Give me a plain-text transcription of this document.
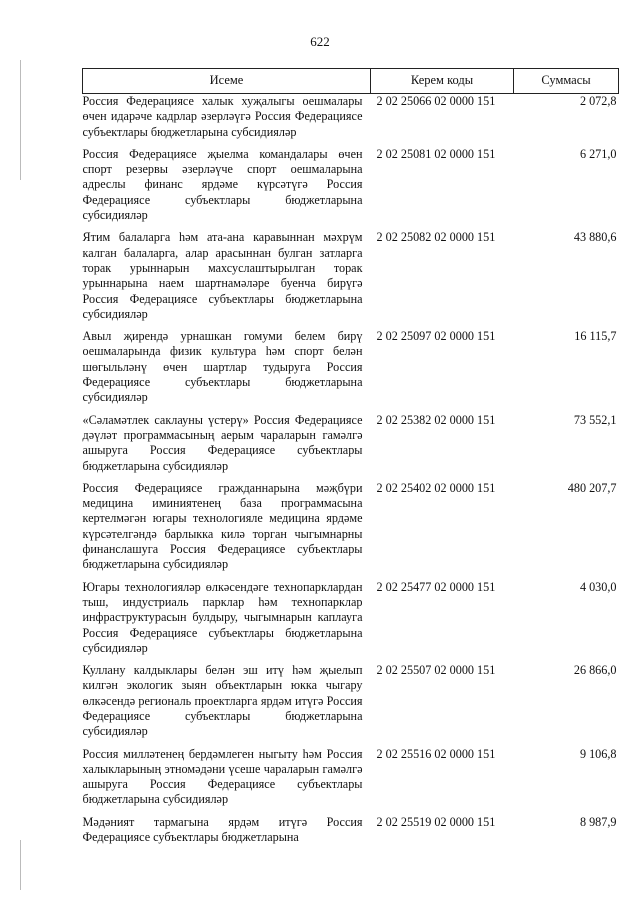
622
Исеме	Керем коды	Суммасы
Россия Федерациясе халык хуҗалыгы оешмалары өчен идарәче кадрлар әзерләүгә Россия Федерациясе субъектлары бюджетларына субсидияләр	2 02 25066 02 0000 151	2 072,8
Россия Федерациясе җыелма командалары өчен спорт резервы әзерләүче спорт оешмаларына адреслы финанс ярдәме күрсәтүгә Россия Федерациясе субъектлары бюджетларына субсидияләр	2 02 25081 02 0000 151	6 271,0
Ятим балаларга һәм ата-ана каравыннан мәхрүм калган балаларга, алар арасыннан булган затларга торак урыннарын махсуслаштырылган торак урыннарына наем шартнамәләре буенча бирүгә Россия Федерациясе субъектлары бюджетларына субсидияләр	2 02 25082 02 0000 151	43 880,6
Авыл җирендә урнашкан гомуми белем бирү оешмаларында физик культура һәм спорт белән шөгыльләнү өчен шартлар тудыруга Россия Федерациясе субъектлары бюджетларына субсидияләр	2 02 25097 02 0000 151	16 115,7
«Сәламәтлек саклауны үстерү» Россия Федерациясе дәүләт программасының аерым чараларын гамәлгә ашыруга Россия Федерациясе субъектлары бюджетларына субсидияләр	2 02 25382 02 0000 151	73 552,1
Россия Федерациясе гражданнарына мәҗбүри медицина иминиятенең база программасына кертелмәгән югары технологияле медицина ярдәме күрсәтелгәндә барлыкка килә торган чыгымнарны финанслашуга Россия Федерациясе субъектлары бюджетларына субсидияләр	2 02 25402 02 0000 151	480 207,7
Югары технологияләр өлкәсендәге технопарклардан тыш, индустриаль парклар һәм технопарклар инфраструктурасын булдыру, чыгымнарын каплауга Россия Федерациясе субъектлары бюджетларына субсидияләр	2 02 25477 02 0000 151	4 030,0
Куллану калдыклары белән эш итү һәм җыелып килгән экологик зыян объектларын юкка чыгару өлкәсендә региональ проектларга ярдәм итүгә Россия Федерациясе субъектлары бюджетларына субсидияләр	2 02 25507 02 0000 151	26 866,0
Россия милләтенең бердәмлеген ныгыту һәм Россия халыкларының этномәдәни үсеше чараларын гамәлгә ашыруга Россия Федерациясе субъектлары бюджетларына субсидияләр	2 02 25516 02 0000 151	9 106,8
Мәдәният тармагына ярдәм итүгә Россия Федерациясе субъектлары бюджетларына	2 02 25519 02 0000 151	8 987,9
